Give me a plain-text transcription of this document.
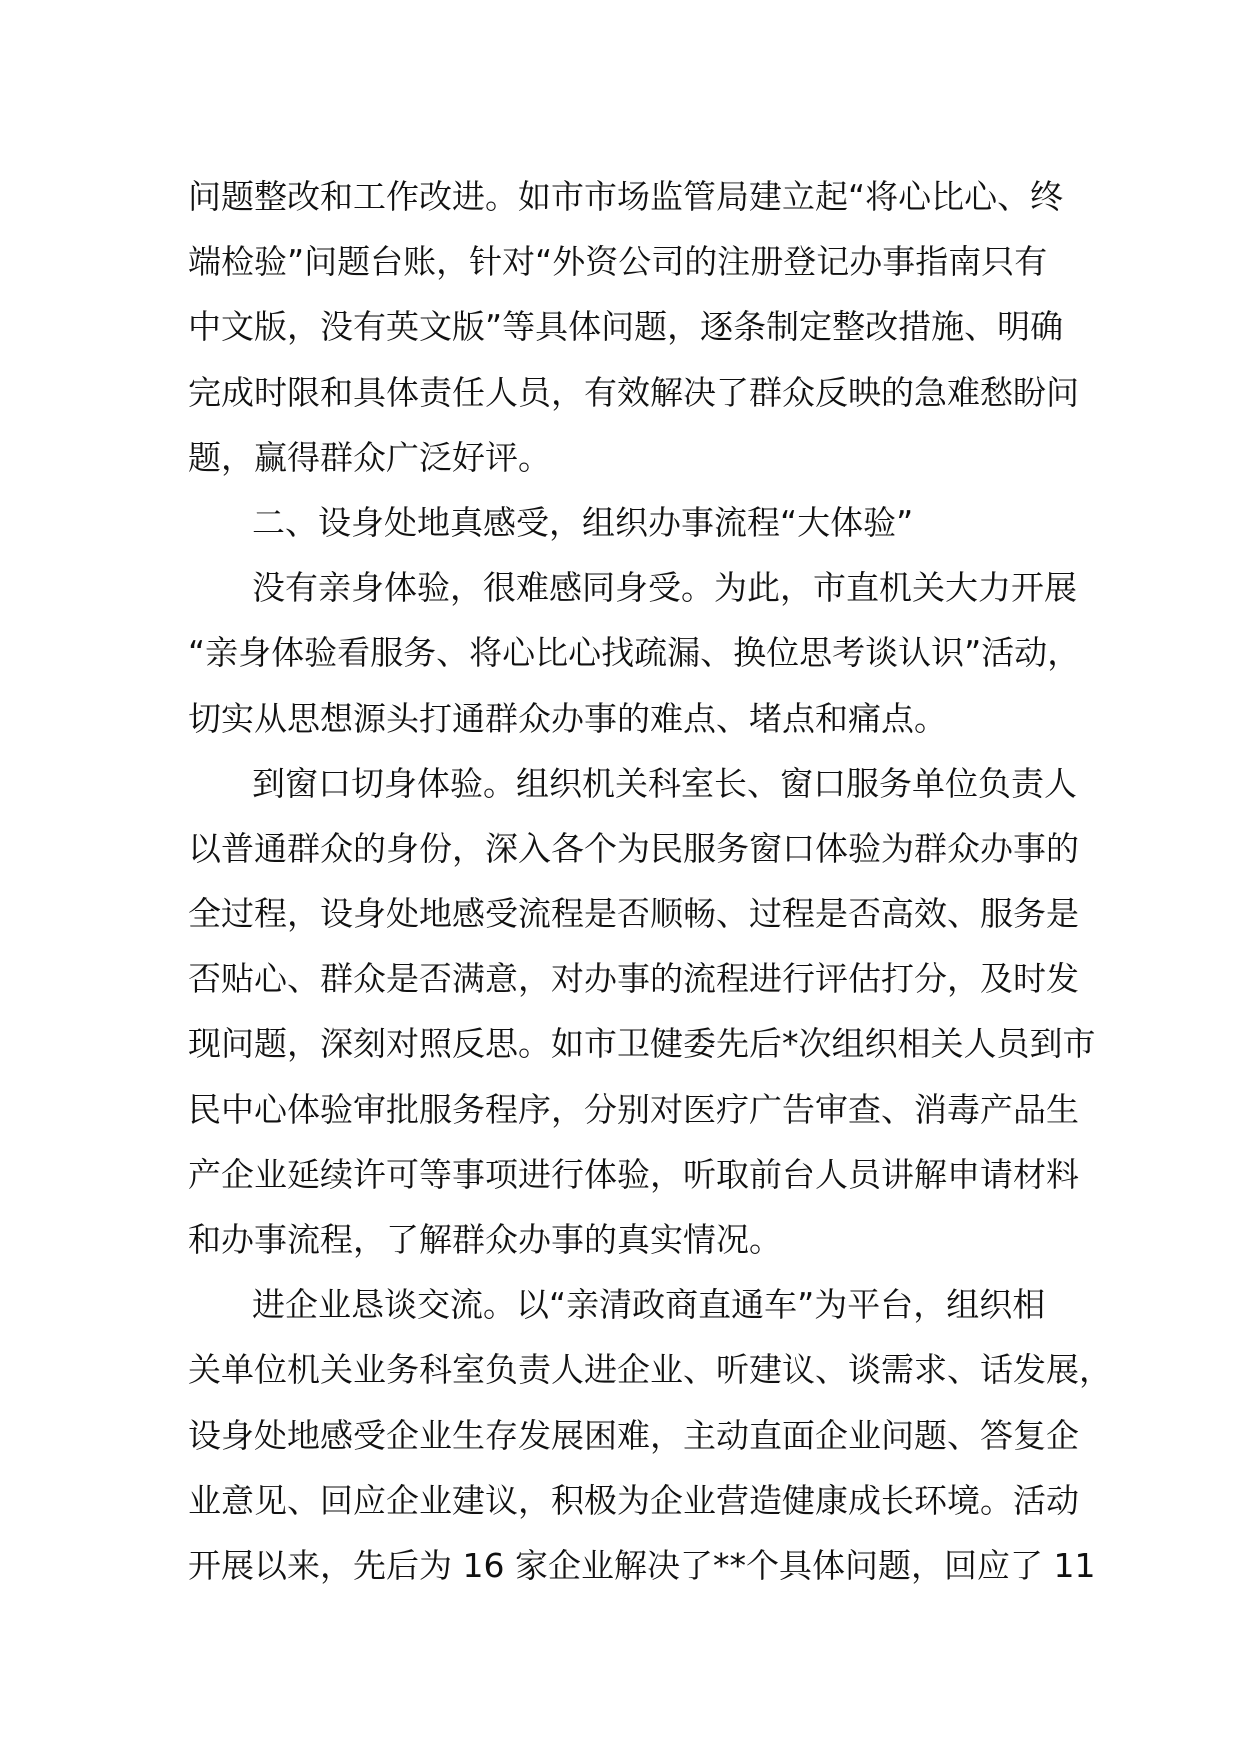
问题整改和工作改进。如市市场监管局建立起“将心比心、终
端检验”问题台账，针对“外资公司的注册登记办事指南只有
中文版，没有英文版”等具体问题，逐条制定整改措施、明确
完成时限和具体责任人员，有效解决了群众反映的急难愁盼问
题，赢得群众广泛好评。
二、设身处地真感受，组织办事流程“大体验”
没有亲身体验，很难感同身受。为此，市直机关大力开展
“亲身体验看服务、将心比心找疏漏、换位思考谈认识”活动，
切实从思想源头打通群众办事的难点、堵点和痛点。
到窗口切身体验。组织机关科室长、窗口服务单位负责人
以普通群众的身份，深入各个为民服务窗口体验为群众办事的
全过程，设身处地感受流程是否顺畅、过程是否高效、服务是
否贴心、群众是否满意，对办事的流程进行评估打分，及时发
现问题，深刻对照反思。如市卫健委先后*次组织相关人员到市
民中心体验审批服务程序，分别对医疗广告审查、消毒产品生
产企业延续许可等事项进行体验，听取前台人员讲解申请材料
和办事流程，了解群众办事的真实情况。
进企业恳谈交流。以“亲清政商直通车”为平台，组织相
关单位机关业务科室负责人进企业、听建议、谈需求、话发展，
设身处地感受企业生存发展困难，主动直面企业问题、答复企
业意见、回应企业建议，积极为企业营造健康成长环境。活动
开展以来，先后为 16 家企业解决了**个具体问题，回应了 11
